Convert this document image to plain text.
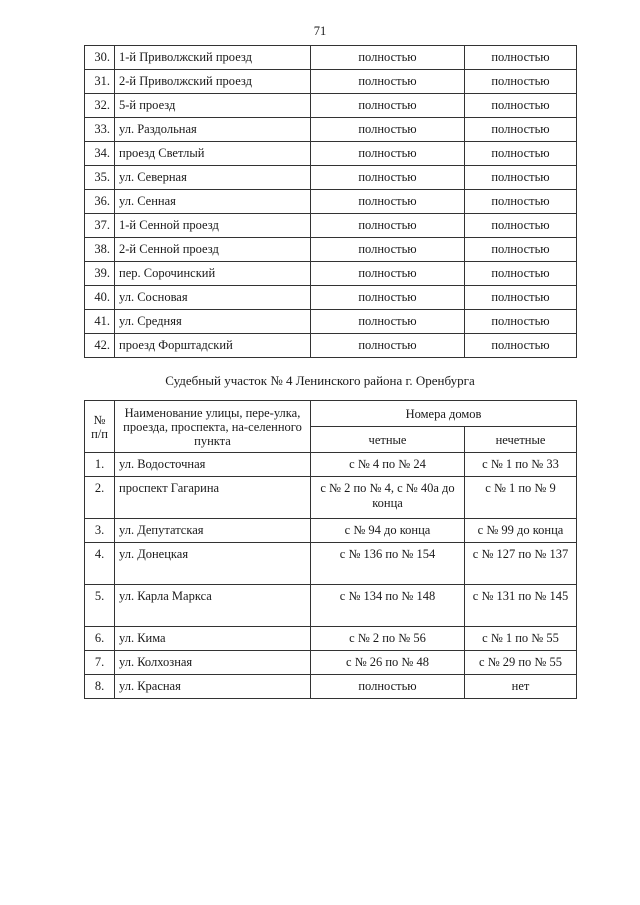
71
30.	1-й Приволжский проезд	полностью	полностью
31.	2-й Приволжский проезд	полностью	полностью
32.	5-й проезд	полностью	полностью
33.	ул. Раздольная	полностью	полностью
34.	проезд Светлый	полностью	полностью
35.	ул. Северная	полностью	полностью
36.	ул. Сенная	полностью	полностью
37.	1-й Сенной проезд	полностью	полностью
38.	2-й Сенной проезд	полностью	полностью
39.	пер. Сорочинский	полностью	полностью
40.	ул. Сосновая	полностью	полностью
41.	ул. Средняя	полностью	полностью
42.	проезд Форштадский	полностью	полностью
Судебный участок № 4 Ленинского района г. Оренбурга
№ п/п	Наименование улицы, пере-улка, проезда, проспекта, на-селенного пункта	Номера домов	
		четные	нечетные
1.	ул. Водосточная	с № 4 по № 24	с № 1 по № 33
2.	проспект Гагарина	с № 2 по № 4, с № 40а до конца	с № 1 по № 9
3.	ул. Депутатская	с № 94 до конца	с № 99 до конца
4.	ул. Донецкая	с № 136 по № 154	с № 127 по № 137
5.	ул. Карла Маркса	с № 134 по № 148	с № 131 по № 145
6.	ул. Кима	с № 2 по № 56	с № 1 по № 55
7.	ул. Колхозная	с № 26 по № 48	с № 29 по № 55
8.	ул. Красная	полностью	нет
